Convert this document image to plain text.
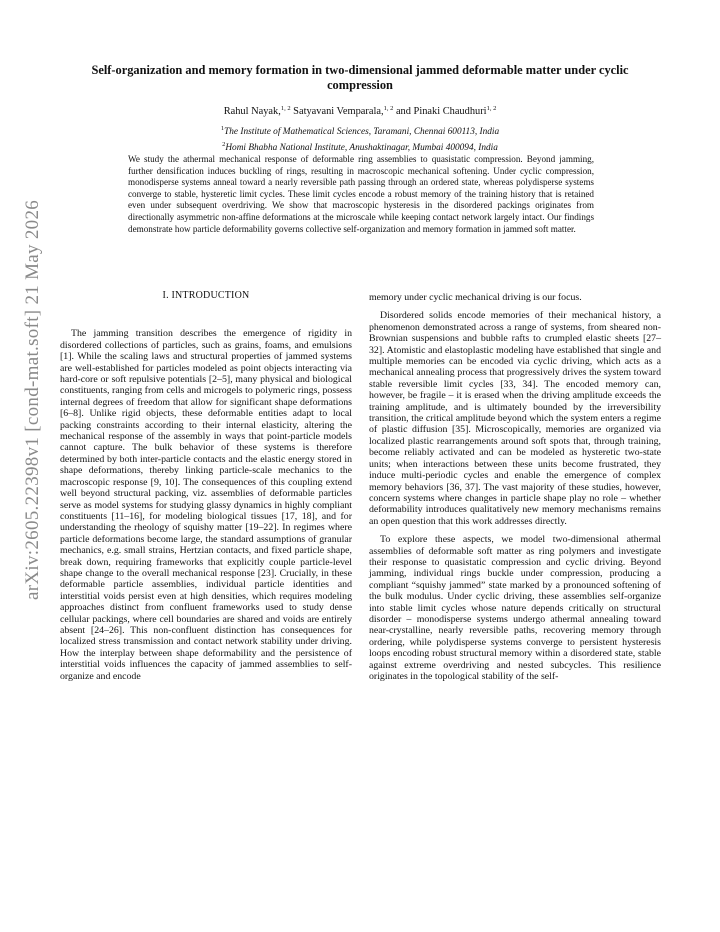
arXiv:2605.22398v1 [cond-mat.soft] 21 May 2026
Self-organization and memory formation in two-dimensional jammed deformable matter under cyclic compression
Rahul Nayak,$^{1, 2}$ Satyavani Vemparala,$^{1, 2}$ and Pinaki Chaudhuri$^{1, 2}$
$^1$The Institute of Mathematical Sciences, Taramani, Chennai 600113, India
$^2$Homi Bhabha National Institute, Anushaktinagar, Mumbai 400094, India
We study the athermal mechanical response of deformable ring assemblies to quasistatic compression. Beyond jamming, further densification induces buckling of rings, resulting in macroscopic mechanical softening. Under cyclic compression, monodisperse systems anneal toward a nearly reversible path passing through an ordered state, whereas polydisperse systems converge to stable, hysteretic limit cycles. These limit cycles encode a robust memory of the training history that is retained even under subsequent overdriving. We show that macroscopic hysteresis in the disordered packings originates from directionally asymmetric non-affine deformations at the microscale while keeping contact network largely intact. Our findings demonstrate how particle deformability governs collective self-organization and memory formation in jammed soft matter.
I. INTRODUCTION

The jamming transition describes the emergence of rigidity in disordered collections of particles, such as grains, foams, and emulsions [1]. While the scaling laws and structural properties of jammed systems are well-established for particles modeled as point objects interacting via hard-core or soft repulsive potentials [2–5], many physical and biological constituents, ranging from cells and microgels to polymeric rings, possess internal degrees of freedom that allow for significant shape deformations [6–8]. Unlike rigid objects, these deformable entities adapt to local packing constraints according to their internal elasticity, altering the mechanical response of the assembly in ways that point-particle models cannot capture. The bulk behavior of these systems is therefore determined by both inter-particle contacts and the elastic energy stored in shape deformations, thereby linking particle-scale mechanics to the macroscopic response [9, 10]. The consequences of this coupling extend well beyond structural packing, viz. assemblies of deformable particles serve as model systems for studying glassy dynamics in highly compliant constituents [11–16], for modeling biological tissues [17, 18], and for understanding the rheology of squishy matter [19–22]. In regimes where particle deformations become large, the standard assumptions of granular mechanics, e.g. small strains, Hertzian contacts, and fixed particle shape, break down, requiring frameworks that explicitly couple particle-level shape change to the overall mechanical response [23]. Crucially, in these deformable particle assemblies, individual particle identities and interstitial voids persist even at high densities, which requires modeling approaches distinct from confluent frameworks used to study dense cellular packings, where cell boundaries are shared and voids are entirely absent [24–26]. This non-confluent distinction has consequences for localized stress transmission and contact network stability under driving. How the interplay between shape deformability and the persistence of interstitial voids influences the capacity of jammed assemblies to self-organize and encode

memory under cyclic mechanical driving is our focus.

Disordered solids encode memories of their mechanical history, a phenomenon demonstrated across a range of systems, from sheared non-Brownian suspensions and bubble rafts to crumpled elastic sheets [27–32]. Atomistic and elastoplastic modeling have established that single and multiple memories can be encoded via cyclic driving, which acts as a mechanical annealing process that progressively drives the system toward stable reversible limit cycles [33, 34]. The encoded memory can, however, be fragile – it is erased when the driving amplitude exceeds the training amplitude, and is ultimately bounded by the irreversibility transition, the critical amplitude beyond which the system enters a regime of plastic diffusion [35]. Microscopically, memories are organized via localized plastic rearrangements around soft spots that, through training, become reliably activated and can be modeled as hysteretic two-state units; when interactions between these units become frustrated, they induce multi-periodic cycles and enable the emergence of complex memory behaviors [36, 37]. The vast majority of these studies, however, concern systems where changes in particle shape play no role – whether deformability introduces qualitatively new memory mechanisms remains an open question that this work addresses directly.

To explore these aspects, we model two-dimensional athermal assemblies of deformable soft matter as ring polymers and investigate their response to quasistatic compression and cyclic driving. Beyond jamming, individual rings buckle under compression, producing a compliant “squishy jammed” state marked by a pronounced softening of the bulk modulus. Under cyclic driving, these assemblies self-organize into stable limit cycles whose nature depends critically on structural disorder – monodisperse systems undergo athermal annealing toward near-crystalline, nearly reversible paths, recovering memory through ordering, while polydisperse systems converge to persistent hysteresis loops encoding robust structural memory within a disordered state, stable against extreme overdriving and nested subcycles. This resilience originates in the topological stability of the self-
